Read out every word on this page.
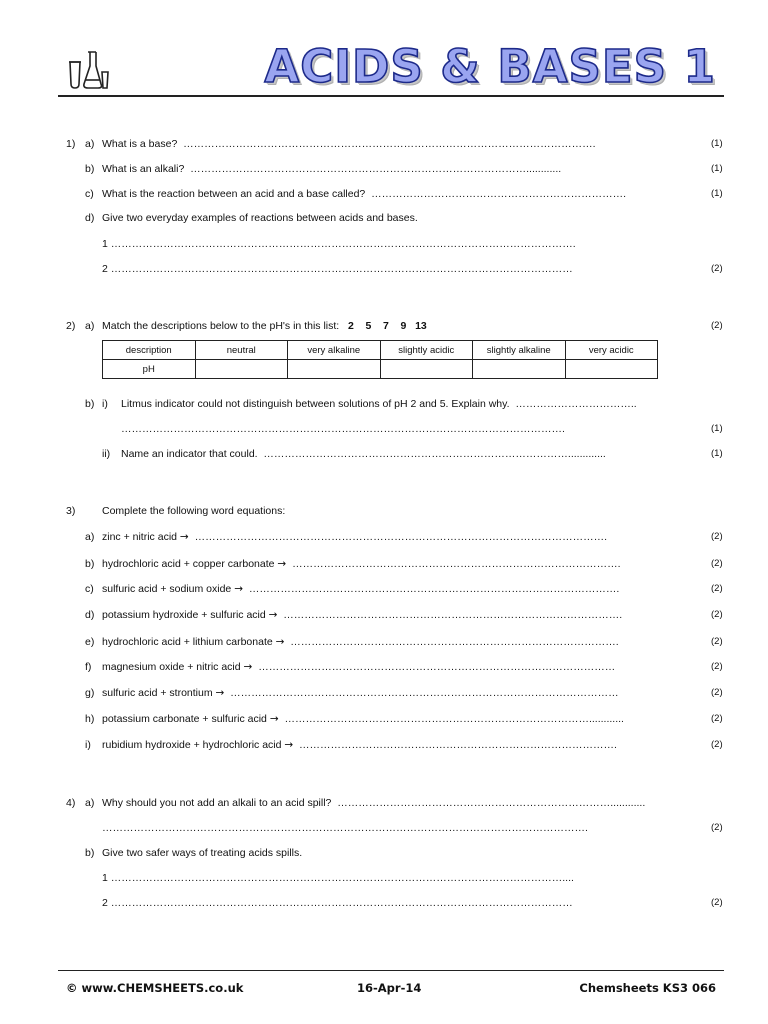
ACIDS & BASES 1
1) a) What is a base? ……………………………………………………………………………………………………….	(1)
b) What is an alkali? ……………………………………………………………………………………............	(1)
c) What is the reaction between an acid and a base called? ……………………………………………………………….	(1)
d) Give two everyday examples of reactions between acids and bases.
1 …………………………………………………………………………………………………………………….
2 ……………………………………………………………………………………………………………………	(2)
2) a) Match the descriptions below to the pH's in this list: 2    5    7    9   13	(2)
description	neutral	very alkaline	slightly acidic	slightly alkaline	very acidic
pH					
b) i) Litmus indicator could not distinguish between solutions of pH 2 and 5. Explain why. ……………………………..
……………………………………………………………………………………………………………….	(1)
ii) Name an indicator that could. …………………………………………………………………………….............	(1)
3)	Complete the following word equations:
a) zinc + nitric acid → ……………………………………………………………………………………………………….	(2)
b) hydrochloric acid + copper carbonate → ………………………………………………………………………………….	(2)
c) sulfuric acid + sodium oxide → …………………………………………………………………………………………….	(2)
d) potassium hydroxide + sulfuric acid → …………………………………………………………………………………….	(2)
e) hydrochloric acid + lithium carbonate → ………………………………………………………………………………….	(2)
f) magnesium oxide + nitric acid → …………………………………………………………………………………………	(2)
g) sulfuric acid + strontium → …………………………………………………………………………………………………	(2)
h) potassium carbonate + sulfuric acid → ……………………………………………………………………………............	(2)
i) rubidium hydroxide + hydrochloric acid → ……………………………………………………………………………….	(2)
4) a) Why should you not add an alkali to an acid spill? ……………………………………………………………………............
………………………………………………………………………………………………………………………….	(2)
b) Give two safer ways of treating acids spills.
1 …………………………………………………………………………………………………………………....
2 ……………………………………………………………………………………………………………………	(2)
© www.CHEMSHEETS.co.uk	16-Apr-14	Chemsheets KS3 066
